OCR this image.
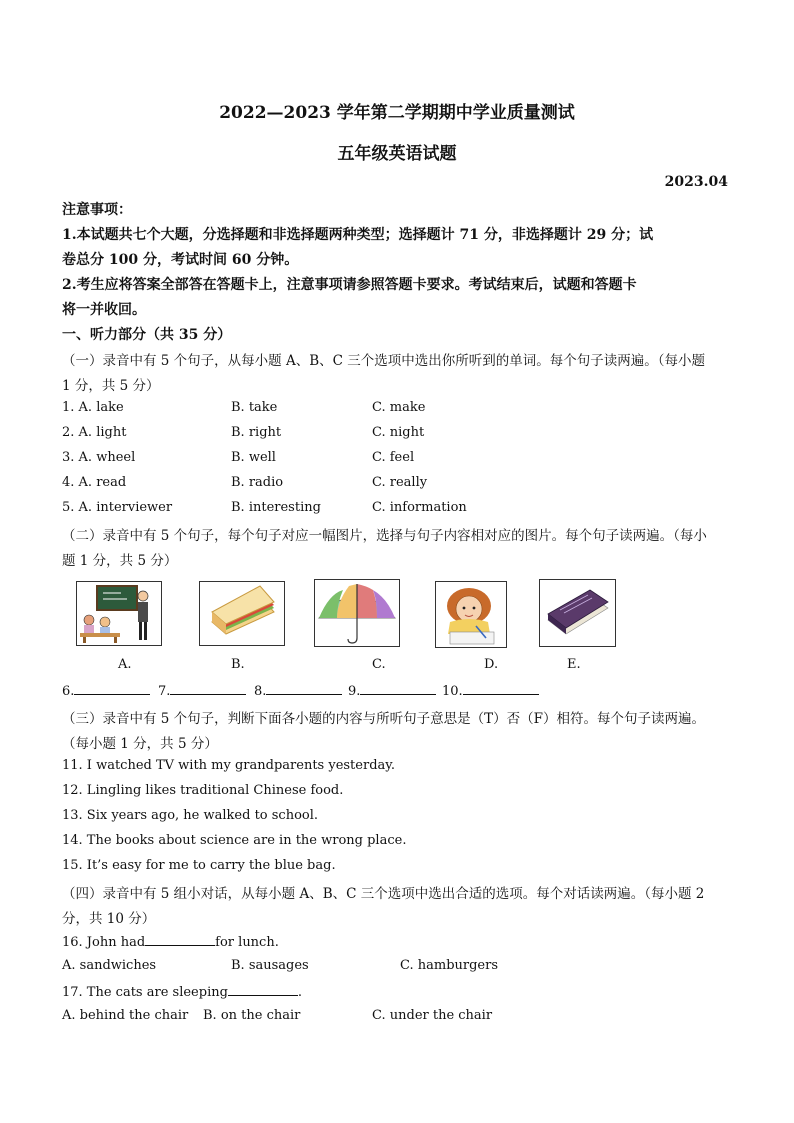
2022—2023 学年第二学期期中学业质量测试
五年级英语试题
2023.04
注意事项：
1.本试题共七个大题，分选择题和非选择题两种类型；选择题计 71 分，非选择题计 29 分；试
卷总分 100 分，考试时间 60 分钟。
2.考生应将答案全部答在答题卡上，注意事项请参照答题卡要求。考试结束后，试题和答题卡
将一并收回。
一、听力部分（共 35 分）
（一）录音中有 5 个句子，从每小题 A、B、C 三个选项中选出你所听到的单词。每个句子读两遍。（每小题
1 分，共 5 分）
1. A. lake	B. take	C. make
2. A. light	B. right	C. night
3. A. wheel	B. well	C. feel
4. A. read	B. radio	C. really
5. A. interviewer	B. interesting	C. information
（二）录音中有 5 个句子，每个句子对应一幅图片，选择与句子内容相对应的图片。每个句子读两遍。（每小
题 1 分，共 5 分）
A.	B.	C.	D.	E.
6.	7.	8.	9.	10.
（三）录音中有 5 个句子，判断下面各小题的内容与所听句子意思是（T）否（F）相符。每个句子读两遍。
（每小题 1 分，共 5 分）
11. I watched TV with my grandparents yesterday.
12. Lingling likes traditional Chinese food.
13. Six years ago, he walked to school.
14. The books about science are in the wrong place.
15. It’s easy for me to carry the blue bag.
（四）录音中有 5 组小对话，从每小题 A、B、C 三个选项中选出合适的选项。每个对话读两遍。（每小题 2
分，共 10 分）
16. John had	for lunch.
A. sandwiches	B. sausages	C. hamburgers
17. The cats are sleeping	.
A. behind the chair B. on the chair	C. under the chair
